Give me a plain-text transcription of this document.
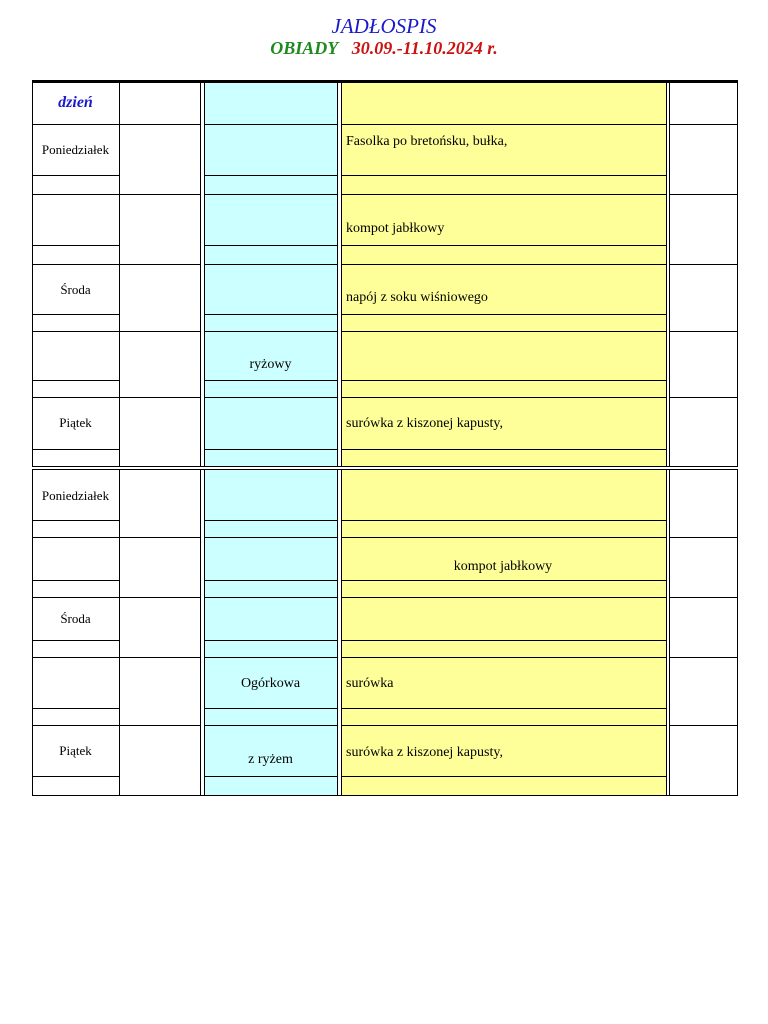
JADŁOSPIS
OBIADY 30.09.-11.10.2024 r.
dzień
Poniedziałek
Środa
Piątek
Fasolka po bretońsku, bułka,
kompot jabłkowy
napój z soku wiśniowego
ryżowy
surówka z kiszonej kapusty,
Poniedziałek
Środa
Piątek
kompot jabłkowy
Ogórkowa	surówka
z ryżem	surówka z kiszonej kapusty,
